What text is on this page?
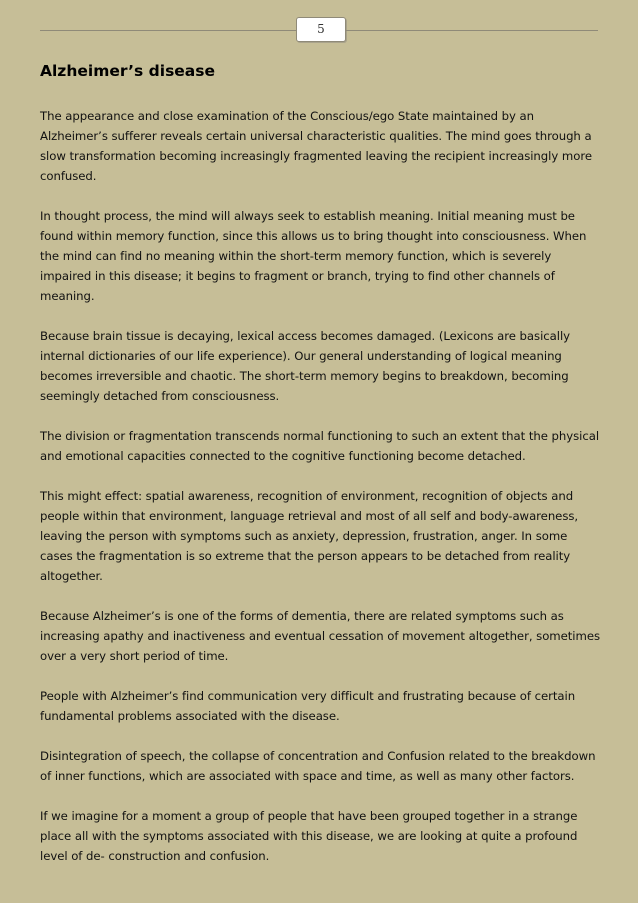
5
Alzheimer’s disease

The appearance and close examination of the Conscious/ego State maintained by an Alzheimer’s sufferer reveals certain universal characteristic qualities. The mind goes through a slow transformation becoming increasingly fragmented leaving the recipient increasingly more confused.

In thought process, the mind will always seek to establish meaning. Initial meaning must be found within memory function, since this allows us to bring thought into consciousness. When the mind can find no meaning within the short-term memory function, which is severely impaired in this disease; it begins to fragment or branch, trying to find other channels of meaning.

Because brain tissue is decaying, lexical access becomes damaged. (Lexicons are basically internal dictionaries of our life experience). Our general understanding of logical meaning becomes irreversible and chaotic. The short-term memory begins to breakdown, becoming seemingly detached from consciousness.

The division or fragmentation transcends normal functioning to such an extent that the physical and emotional capacities connected to the cognitive functioning become detached.

This might effect: spatial awareness, recognition of environment, recognition of objects and people within that environment, language retrieval and most of all self and body-awareness, leaving the person with symptoms such as anxiety, depression, frustration, anger. In some cases the fragmentation is so extreme that the person appears to be detached from reality altogether.

Because Alzheimer’s is one of the forms of dementia, there are related symptoms such as increasing apathy and inactiveness and eventual cessation of movement altogether, sometimes over a very short period of time.

People with Alzheimer’s find communication very difficult and frustrating because of certain fundamental problems associated with the disease.

Disintegration of speech, the collapse of concentration and Confusion related to the breakdown of inner functions, which are associated with space and time, as well as many other factors.

If we imagine for a moment a group of people that have been grouped together in a strange place all with the symptoms associated with this disease, we are looking at quite a profound level of de- construction and confusion.
